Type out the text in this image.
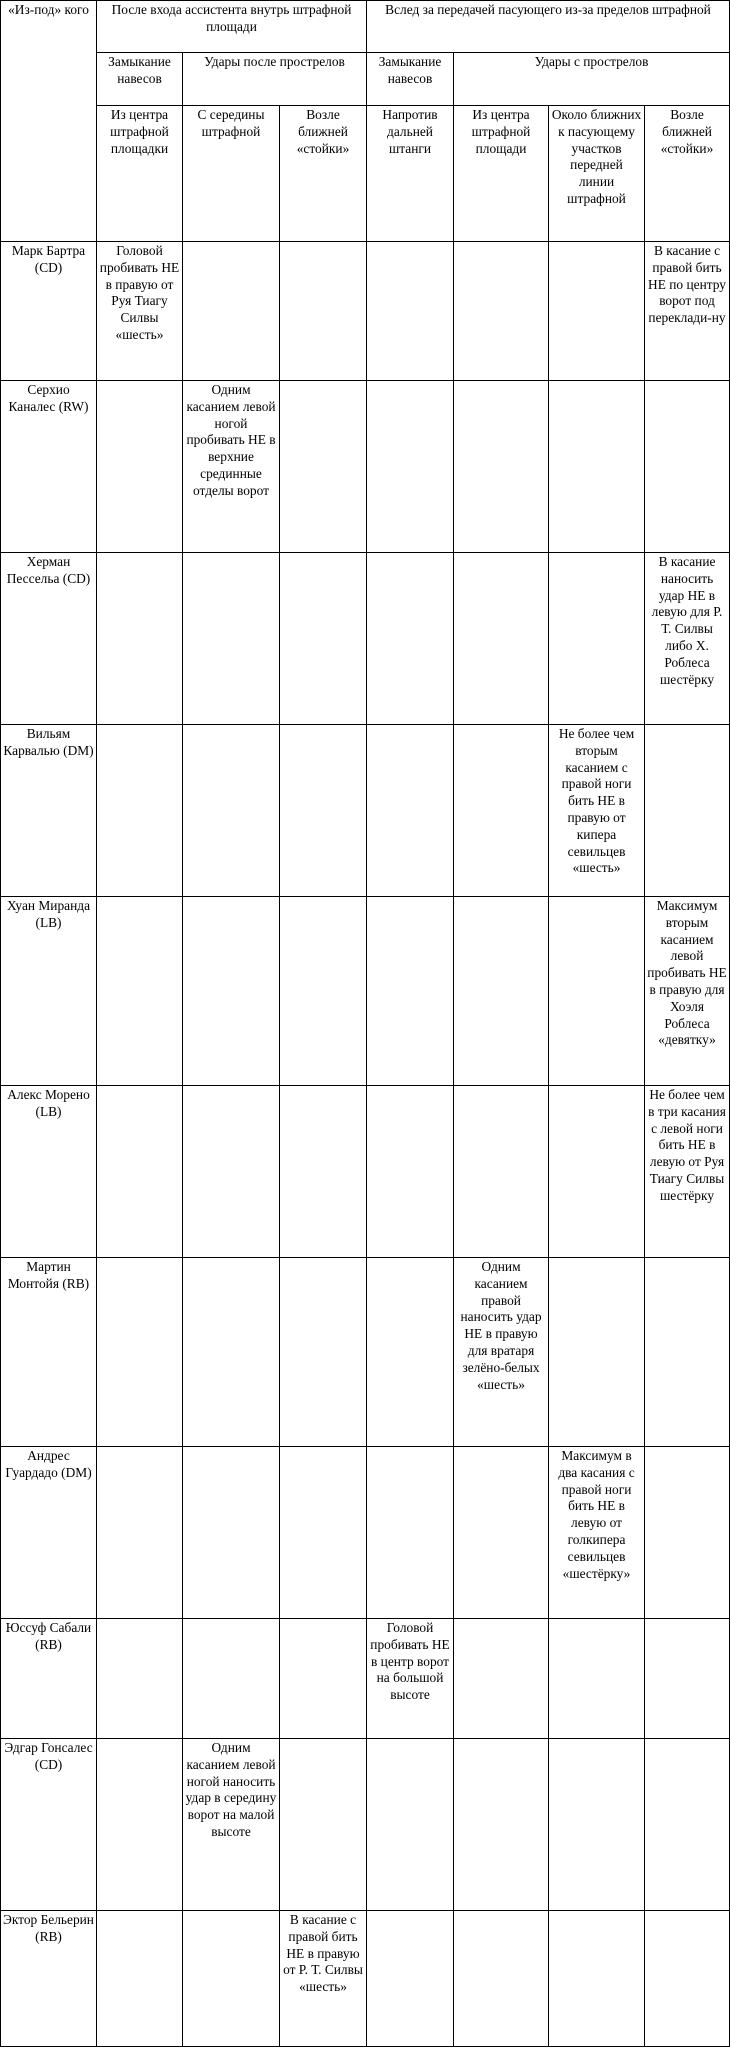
«Из-под» кого	После входа ассистента внутрь штрафной площади			Вслед за передачей пасующего из-за пределов штрафной			
	Замыкание навесов	Удары после прострелов		Замыкание навесов	Удары с прострелов		
	Из центра штрафной площадки	С середины штрафной	Возле ближней «стойки»	Напротив дальней штанги	Из центра штрафной площади	Около ближних к пасующему участков передней линии штрафной	Возле ближней «стойки»
Марк Бартра (CD)	Головой пробивать НЕ в правую от Руя Тиагу Силвы «шесть»						В касание с правой бить НЕ по центру ворот под переклади-ну
Серхио Каналес (RW)		Одним касанием левой ногой пробивать НЕ в верхние срединные отделы ворот					
Херман Пессельа (CD)							В касание наносить удар НЕ в левую для Р. Т. Силвы либо Х. Роблеса шестёрку
Вильям Карвалью (DM)						Не более чем вторым касанием с правой ноги бить НЕ в правую от кипера севильцев «шесть»	
Хуан Миранда (LB)							Максимум вторым касанием левой пробивать НЕ в правую для Хоэля Роблеса «девятку»
Алекс Морено (LB)							Не более чем в три касания с левой ноги бить НЕ в левую от Руя Тиагу Силвы шестёрку
Мартин Монтойя (RB)					Одним касанием правой наносить удар НЕ в правую для вратаря зелёно-белых «шесть»		
Андрес Гуардадо (DM)						Максимум в два касания с правой ноги бить НЕ в левую от голкипера севильцев «шестёрку»	
Юссуф Сабали (RB)				Головой пробивать НЕ в центр ворот на большой высоте			
Эдгар Гонсалес (CD)		Одним касанием левой ногой наносить удар в середину ворот на малой высоте					
Эктор Бельерин (RB)			В касание с правой бить НЕ в правую от Р. Т. Силвы «шесть»				
